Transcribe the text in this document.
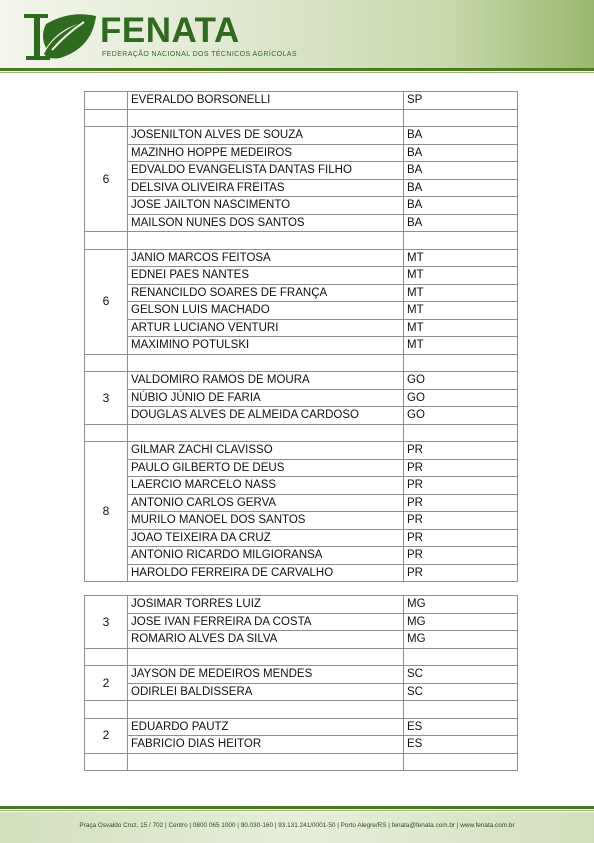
FENATA
FEDERAÇÃO NACIONAL DOS TÉCNICOS AGRÍCOLAS
	EVERALDO BORSONELLI	SP

6	JOSENILTON ALVES DE SOUZA	BA
	MAZINHO HOPPE MEDEIROS	BA
	EDVALDO EVANGELISTA DANTAS FILHO	BA
	DELSIVA OLIVEIRA FREITAS	BA
	JOSE JAILTON NASCIMENTO	BA
	MAILSON NUNES DOS SANTOS	BA

6	JANIO MARCOS FEITOSA	MT
	EDNEI PAES NANTES	MT
	RENANCILDO SOARES DE FRANÇA	MT
	GELSON LUIS MACHADO	MT
	ARTUR LUCIANO VENTURI	MT
	MAXIMINO POTULSKI	MT

3	VALDOMIRO RAMOS DE MOURA	GO
	NÚBIO JÚNIO DE FARIA	GO
	DOUGLAS ALVES DE ALMEIDA CARDOSO	GO

8	GILMAR ZACHI CLAVISSO	PR
	PAULO GILBERTO DE DEUS	PR
	LAERCIO MARCELO NASS	PR
	ANTONIO CARLOS GERVA	PR
	MURILO MANOEL DOS SANTOS	PR
	JOAO TEIXEIRA DA CRUZ	PR
	ANTONIO RICARDO MILGIORANSA	PR
	HAROLDO FERREIRA DE CARVALHO	PR
3	JOSIMAR TORRES LUIZ	MG
	JOSE IVAN FERREIRA DA COSTA	MG
	ROMARIO ALVES DA SILVA	MG

2	JAYSON DE MEDEIROS MENDES	SC
	ODIRLEI BALDISSERA	SC

2	EDUARDO PAUTZ	ES
	FABRICIO DIAS HEITOR	ES

Praça Osvaldo Cruz, 15 / 702 | Centro | 0800 065 1000 | 90.030-160 | 93.131.241/0001-50 | Porto Alegre/RS | fenata@fenata.com.br | www.fenata.com.br
